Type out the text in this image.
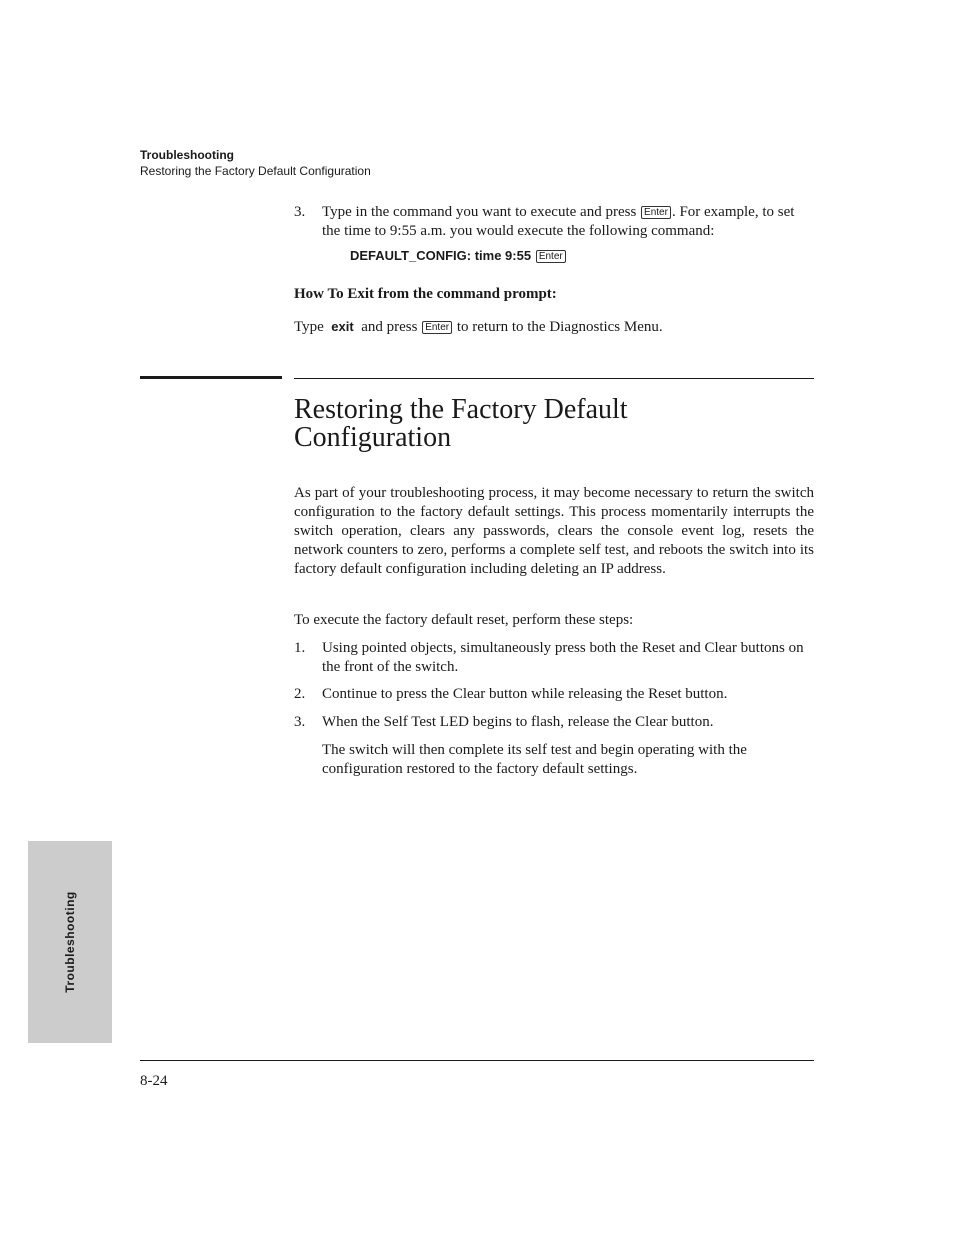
Troubleshooting
Restoring the Factory Default Configuration
3. Type in the command you want to execute and press Enter . For example, to set the time to 9:55 a.m. you would execute the following command:
DEFAULT_CONFIG: time 9:55 Enter
How To Exit from the command prompt:
Type exit and press Enter to return to the Diagnostics Menu.
Restoring the Factory Default
Configuration
As part of your troubleshooting process, it may become necessary to return the switch configuration to the factory default settings. This process momentarily interrupts the switch operation, clears any passwords, clears the console event log, resets the network counters to zero, performs a complete self test, and reboots the switch into its factory default configuration including deleting an IP address.
To execute the factory default reset, perform these steps:
1. Using pointed objects, simultaneously press both the Reset and Clear buttons on the front of the switch.
2. Continue to press the Clear button while releasing the Reset button.
3. When the Self Test LED begins to flash, release the Clear button.
The switch will then complete its self test and begin operating with the configuration restored to the factory default settings.
Troubleshooting
8-24
